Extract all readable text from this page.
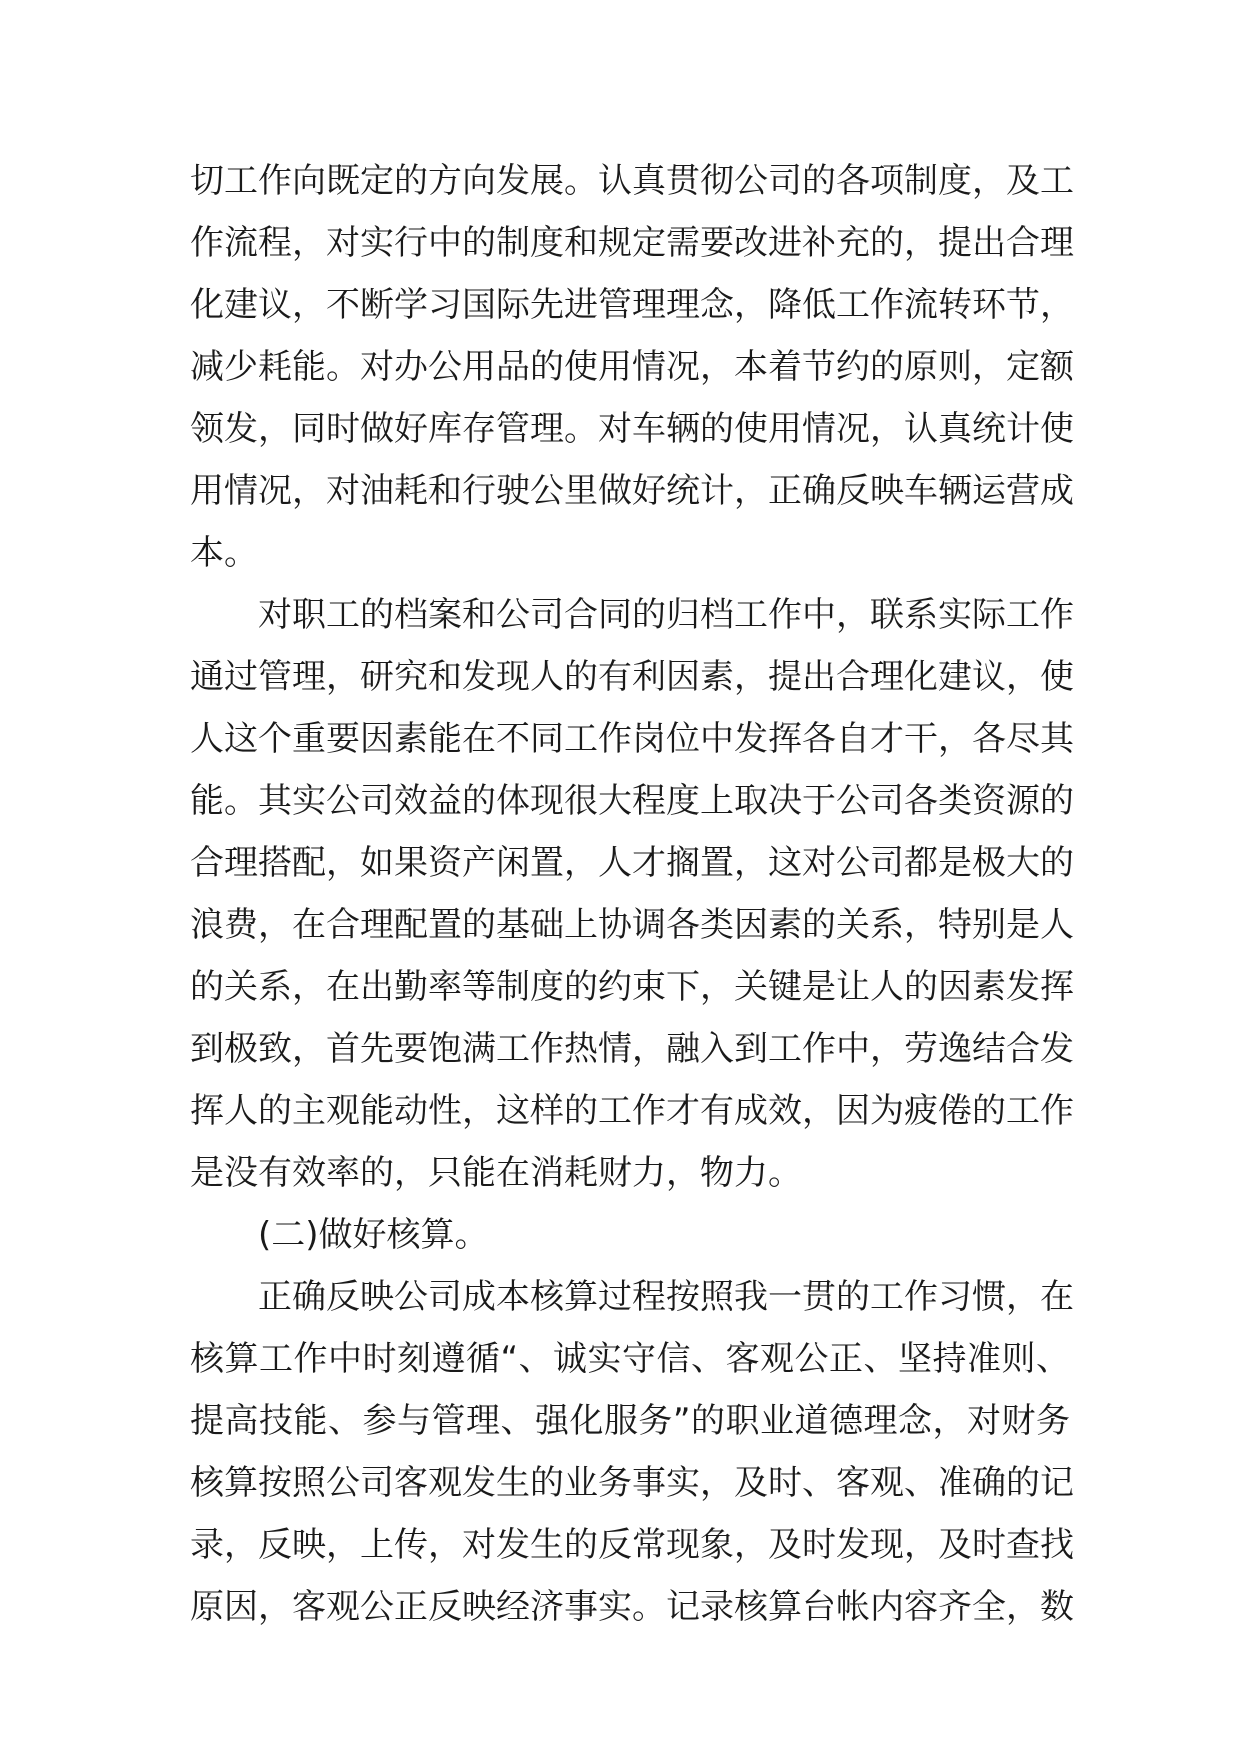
切工作向既定的方向发展。认真贯彻公司的各项制度，及工
作流程，对实行中的制度和规定需要改进补充的，提出合理
化建议，不断学习国际先进管理理念，降低工作流转环节，
减少耗能。对办公用品的使用情况，本着节约的原则，定额
领发，同时做好库存管理。对车辆的使用情况，认真统计使
用情况，对油耗和行驶公里做好统计，正确反映车辆运营成
本。
对职工的档案和公司合同的归档工作中，联系实际工作
通过管理，研究和发现人的有利因素，提出合理化建议，使
人这个重要因素能在不同工作岗位中发挥各自才干，各尽其
能。其实公司效益的体现很大程度上取决于公司各类资源的
合理搭配，如果资产闲置，人才搁置，这对公司都是极大的
浪费，在合理配置的基础上协调各类因素的关系，特别是人
的关系，在出勤率等制度的约束下，关键是让人的因素发挥
到极致，首先要饱满工作热情，融入到工作中，劳逸结合发
挥人的主观能动性，这样的工作才有成效，因为疲倦的工作
是没有效率的，只能在消耗财力，物力。
(二)做好核算。
正确反映公司成本核算过程按照我一贯的工作习惯，在
核算工作中时刻遵循“、诚实守信、客观公正、坚持准则、
提高技能、参与管理、强化服务”的职业道德理念，对财务
核算按照公司客观发生的业务事实，及时、客观、准确的记
录，反映，上传，对发生的反常现象，及时发现，及时查找
原因，客观公正反映经济事实。记录核算台帐内容齐全，数
